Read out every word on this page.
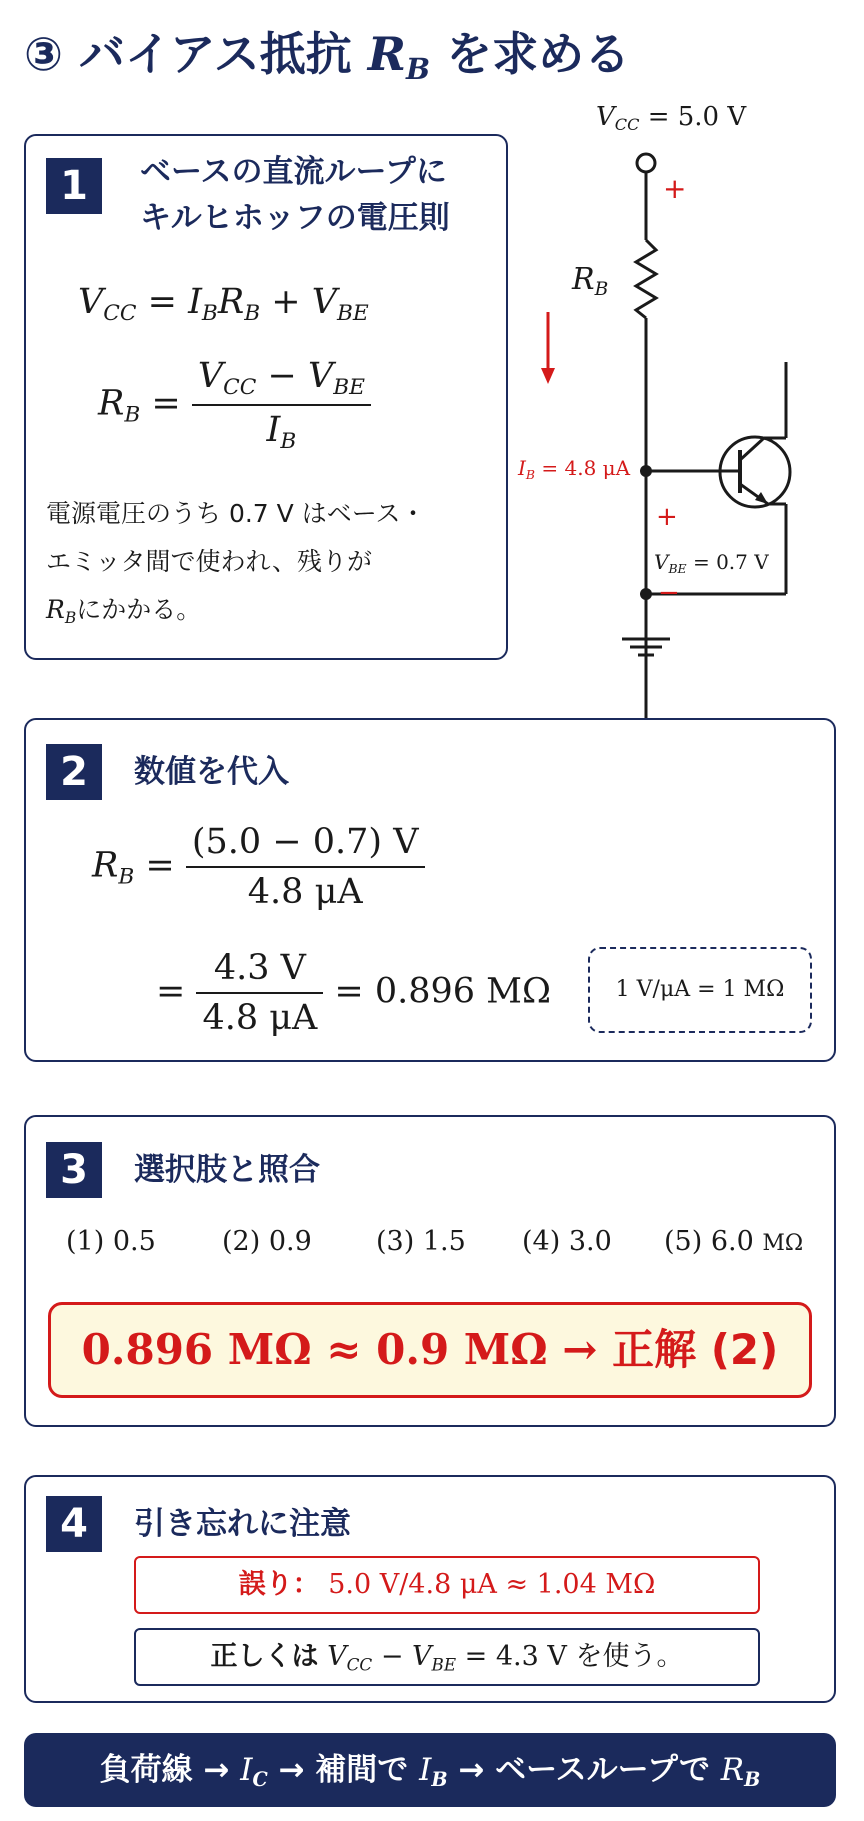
③ バイアス抵抗 $R_B$ を求める
1	ベースの直流ループに
キルヒホッフの電圧則
$V_{CC} = I_BR_B + V_{BE}$
$R_B = \frac{V_{CC} - V_{BE}}{I_B}$
電源電圧のうち 0.7 V はベース・
エミッタ間で使われ、残りが
$R_B$にかかる。
$V_{CC} = 5.0$ V
+
$R_B$
$I_B = 4.8$ μA
+
$V_{BE} = 0.7$ V
−
2	数値を代入
$R_B = \frac{(5.0 - 0.7) V}{4.8 \mu A}$
= $\frac{4.3 V}{4.8 \mu A} = 0.896$ MΩ	1 V/μA = 1 MΩ
3	選択肢と照合
(1) 0.5 (2) 0.9 (3) 1.5 (4) 3.0 (5) 6.0 MΩ
0.896 MΩ ≈ 0.9 MΩ → 正解 (2)
4	引き忘れに注意
誤り： 5.0 V/4.8 μA ≈ 1.04 MΩ
正しくは $V_{CC} - V_{BE} = 4.3$ V を使う。
負荷線 → $I_C$ → 補間で $I_B$ → ベースループで $R_B$
